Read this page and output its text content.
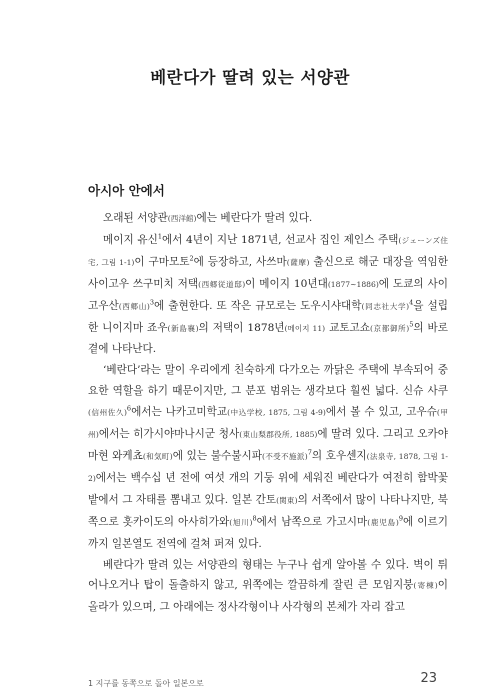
베란다가 딸려 있는 서양관
아시아 안에서

오래된 서양관(西洋館)에는 베란다가 딸려 있다.

메이지 유신$^1$에서 4년이 지난 1871년, 선교사 집인 제인스 주택(ジェーンズ住宅, 그림 1-1)이 구마모토$^2$에 등장하고, 사쓰마(薩摩) 출신으로 해군 대장을 역임한 사이고우 쓰구미치 저택(西郷従道邸)이 메이지 10년대(1877~1886)에 도쿄의 사이고우산(西郷山)$^3$에 출현한다. 또 작은 규모로는 도우시샤대학(同志社大学)$^4$을 설립한 니이지마 죠우(新島襄)의 저택이 1878년(메이지 11) 교토고쇼(京都御所)$^5$의 바로 곁에 나타난다.

‘베란다’라는 말이 우리에게 친숙하게 다가오는 까닭은 주택에 부속되어 중요한 역할을 하기 때문이지만, 그 분포 범위는 생각보다 훨씬 넓다. 신슈 사쿠(信州佐久)$^6$에서는 나카고미학교(中込学校, 1875, 그림 4-9)에서 볼 수 있고, 고우슈(甲州)에서는 히가시야마나시군 청사(東山梨郡役所, 1885)에 딸려 있다. 그리고 오카야마현 와케쵸(和気町)에 있는 불수불시파(不受不施派)$^7$의 호우센지(法泉寺, 1878, 그림 1-2)에서는 백수십 년 전에 여섯 개의 기둥 위에 세워진 베란다가 여전히 함박꽃밭에서 그 자태를 뽐내고 있다. 일본 간토(関東)의 서쪽에서 많이 나타나지만, 북쪽으로 홋카이도의 아사히가와(旭川)$^8$에서 남쪽으로 가고시마(鹿児島)$^9$에 이르기까지 일본열도 전역에 걸쳐 퍼져 있다.

베란다가 딸려 있는 서양관의 형태는 누구나 쉽게 알아볼 수 있다. 벽이 튀어나오거나 탑이 돌출하지 않고, 위쪽에는 깔끔하게 잘린 큰 모임지붕(寄棟)이 올라가 있으며, 그 아래에는 정사각형이나 사각형의 본체가 자리 잡고

1 지구를 동쪽으로 돌아 일본으로	23
